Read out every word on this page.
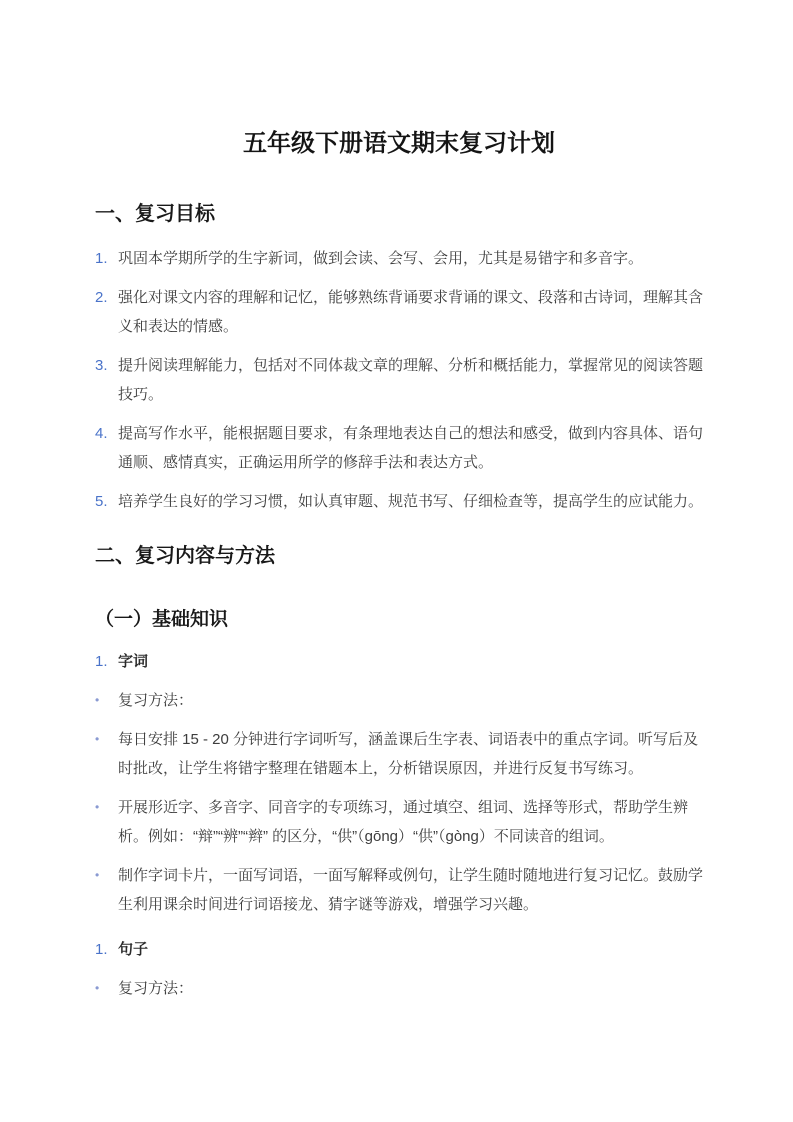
五年级下册语文期末复习计划
一、复习目标
1. 巩固本学期所学的生字新词，做到会读、会写、会用，尤其是易错字和多音字。
2. 强化对课文内容的理解和记忆，能够熟练背诵要求背诵的课文、段落和古诗词，理解其含义和表达的情感。
3. 提升阅读理解能力，包括对不同体裁文章的理解、分析和概括能力，掌握常见的阅读答题技巧。
4. 提高写作水平，能根据题目要求，有条理地表达自己的想法和感受，做到内容具体、语句通顺、感情真实，正确运用所学的修辞手法和表达方式。
5. 培养学生良好的学习习惯，如认真审题、规范书写、仔细检查等，提高学生的应试能力。
二、复习内容与方法
（一）基础知识
1. 字词
•	复习方法：
•	每日安排 15 - 20 分钟进行字词听写，涵盖课后生字表、词语表中的重点字词。听写后及时批改，让学生将错字整理在错题本上，分析错误原因，并进行反复书写练习。
•	开展形近字、多音字、同音字的专项练习，通过填空、组词、选择等形式，帮助学生辨析。例如：“辩”“辨”“辫” 的区分，“供”（gōng）“供”（gòng）不同读音的组词。
•	制作字词卡片，一面写词语，一面写解释或例句，让学生随时随地进行复习记忆。鼓励学生利用课余时间进行词语接龙、猜字谜等游戏，增强学习兴趣。
1. 句子
•	复习方法：
